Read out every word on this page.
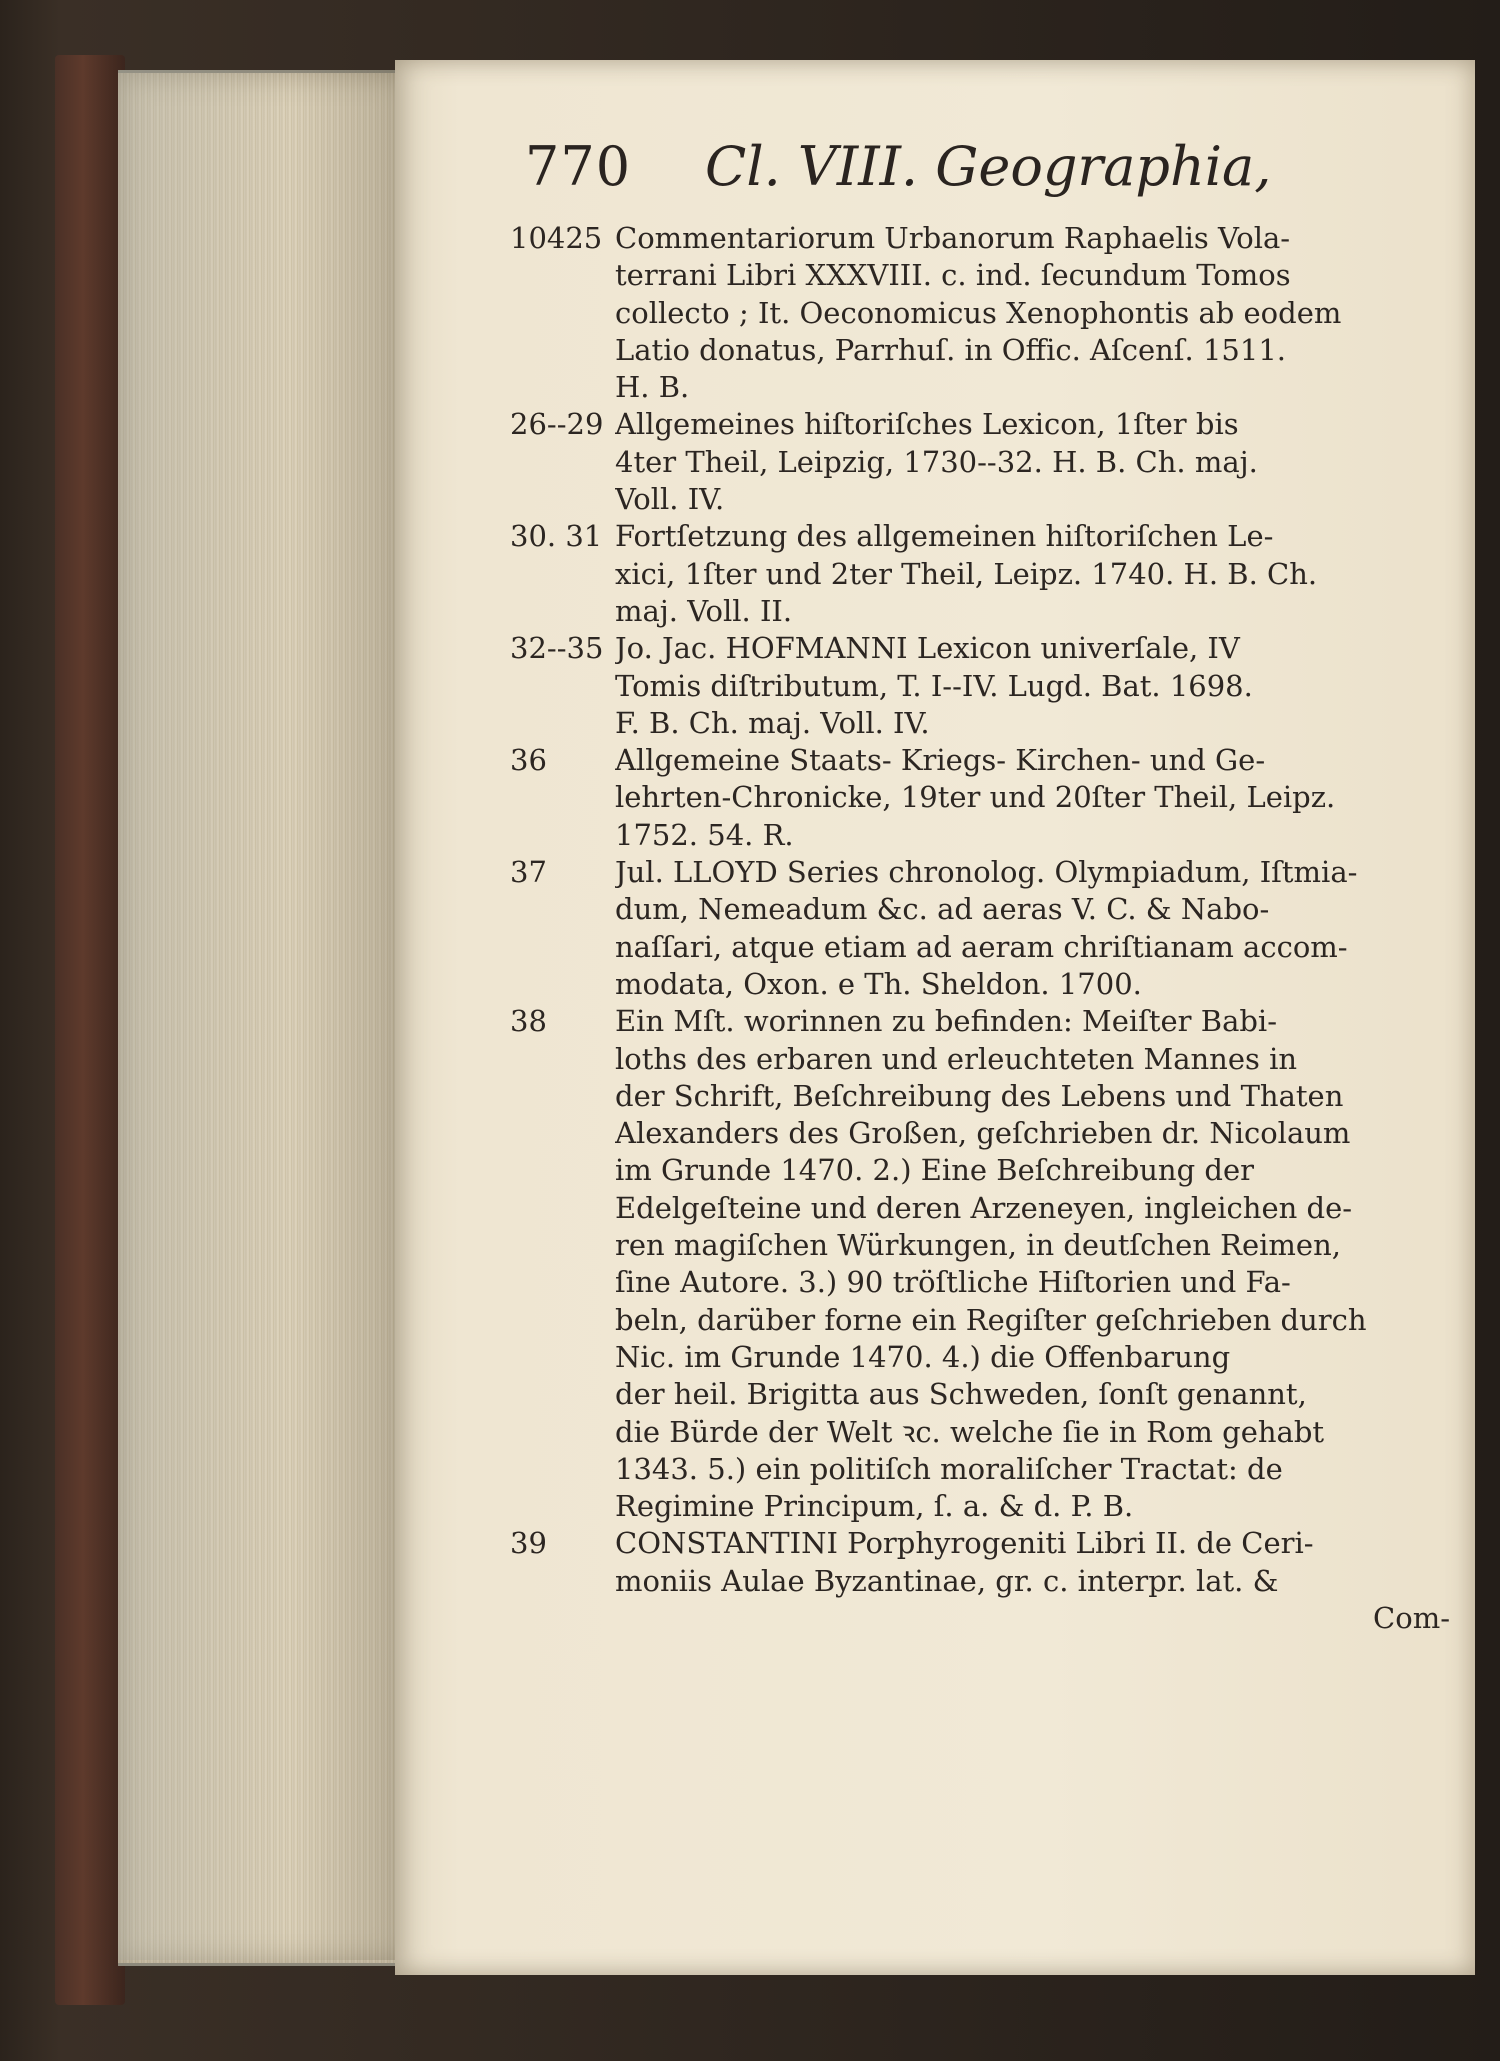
770 Cl. VIII. Geographia,
10425 Commentariorum Urbanorum Raphaelis Vola-
terrani Libri XXXVIII. c. ind. ſecundum Tomos
collecto ; It. Oeconomicus Xenophontis ab eodem
Latio donatus, Parrhuſ. in Offic. Aſcenſ. 1511.
H. B.
26--29 Allgemeines hiſtoriſches Lexicon, 1ſter bis
4ter Theil, Leipzig, 1730--32. H. B. Ch. maj.
Voll. IV.
30. 31 Fortſetzung des allgemeinen hiſtoriſchen Le-
xici, 1ſter und 2ter Theil, Leipz. 1740. H. B. Ch.
maj. Voll. II.
32--35 Jo. Jac. HOFMANNI Lexicon univerſale, IV
Tomis diſtributum, T. I--IV. Lugd. Bat. 1698.
F. B. Ch. maj. Voll. IV.
36	Allgemeine Staats- Kriegs- Kirchen- und Ge-
lehrten-Chronicke, 19ter und 20ſter Theil, Leipz.
1752. 54. R.
37	Jul. LLOYD Series chronolog. Olympiadum, Iſtmia-
dum, Nemeadum &c. ad aeras V. C. & Nabo-
naſſari, atque etiam ad aeram chriſtianam accom-
modata, Oxon. e Th. Sheldon. 1700.
38	Ein Mſt. worinnen zu befinden: Meiſter Babi-
loths des erbaren und erleuchteten Mannes in
der Schrift, Beſchreibung des Lebens und Thaten
Alexanders des Großen, geſchrieben dr. Nicolaum
im Grunde 1470. 2.) Eine Beſchreibung der
Edelgeſteine und deren Arzeneyen, ingleichen de-
ren magiſchen Würkungen, in deutſchen Reimen,
ſine Autore. 3.) 90 tröſtliche Hiſtorien und Fa-
beln, darüber forne ein Regiſter geſchrieben durch
Nic. im Grunde 1470. 4.) die Offenbarung
der heil. Brigitta aus Schweden, ſonſt genannt,
die Bürde der Welt ꝛc. welche ſie in Rom gehabt
1343. 5.) ein politiſch moraliſcher Tractat: de
Regimine Principum, ſ. a. & d. P. B.
39	CONSTANTINI Porphyrogeniti Libri II. de Ceri-
moniis Aulae Byzantinae, gr. c. interpr. lat. &
Com-
